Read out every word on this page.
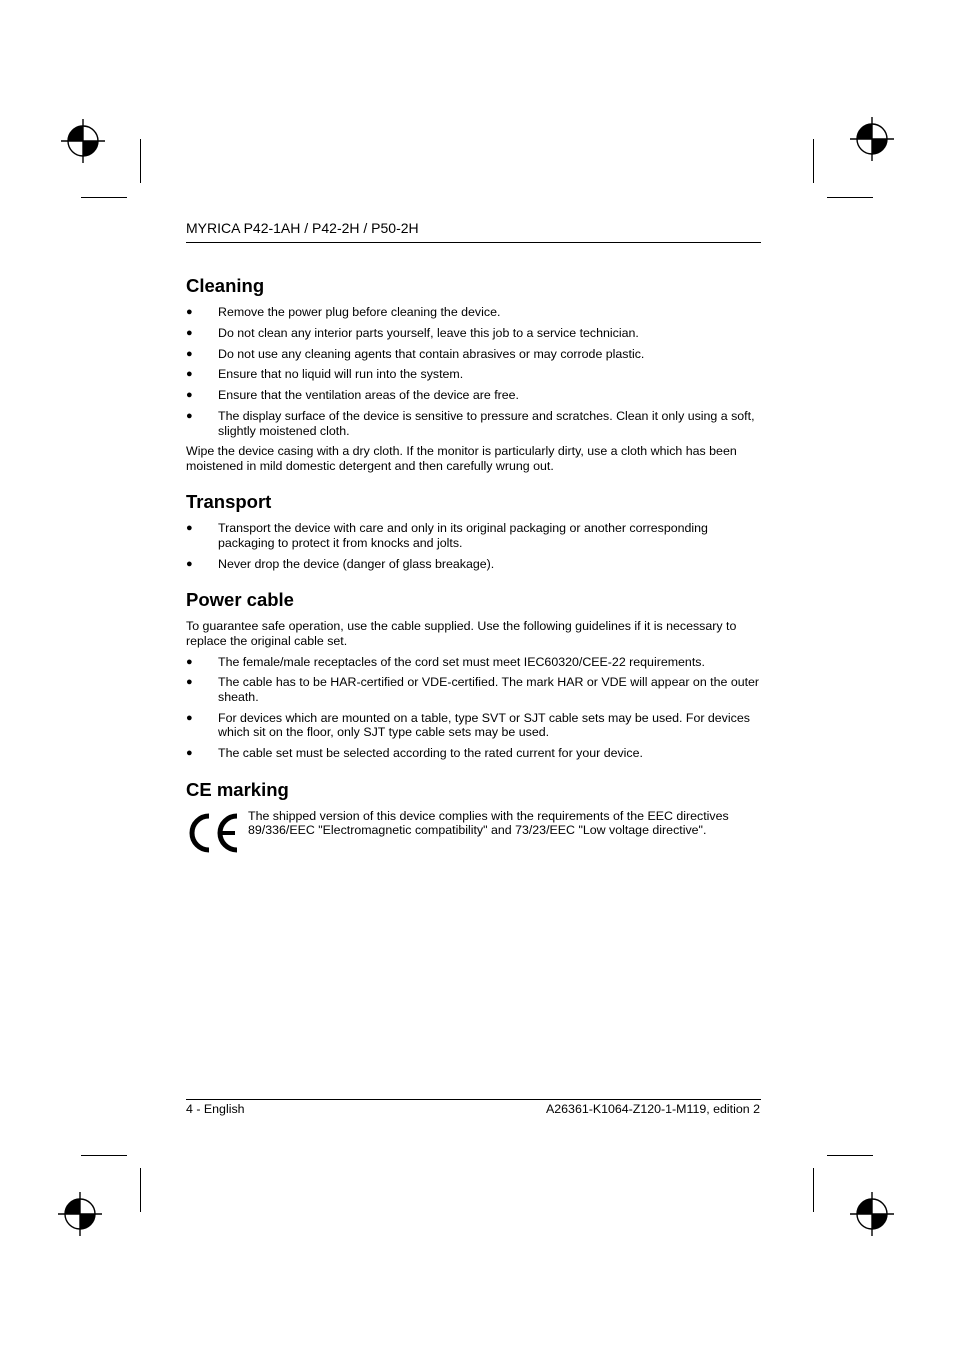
MYRICA P42-1AH / P42-2H / P50-2H
Cleaning
● Remove the power plug before cleaning the device.
● Do not clean any interior parts yourself, leave this job to a service technician.
● Do not use any cleaning agents that contain abrasives or may corrode plastic.
● Ensure that no liquid will run into the system.
● Ensure that the ventilation areas of the device are free.
● The display surface of the device is sensitive to pressure and scratches. Clean it only using a soft, slightly moistened cloth.

Wipe the device casing with a dry cloth. If the monitor is particularly dirty, use a cloth which has been moistened in mild domestic detergent and then carefully wrung out.

Transport
● Transport the device with care and only in its original packaging or another corresponding packaging to protect it from knocks and jolts.
● Never drop the device (danger of glass breakage).
Power cable

To guarantee safe operation, use the cable supplied. Use the following guidelines if it is necessary to replace the original cable set.

● The female/male receptacles of the cord set must meet IEC60320/CEE-22 requirements.
● The cable has to be HAR-certified or VDE-certified. The mark HAR or VDE will appear on the outer sheath.
● For devices which are mounted on a table, type SVT or SJT cable sets may be used. For devices which sit on the floor, only SJT type cable sets may be used.
● The cable set must be selected according to the rated current for your device.
CE marking
The shipped version of this device complies with the requirements of the EEC directives 89/336/EEC "Electromagnetic compatibility" and 73/23/EEC "Low voltage directive".
4 - English	A26361-K1064-Z120-1-M119, edition 2
